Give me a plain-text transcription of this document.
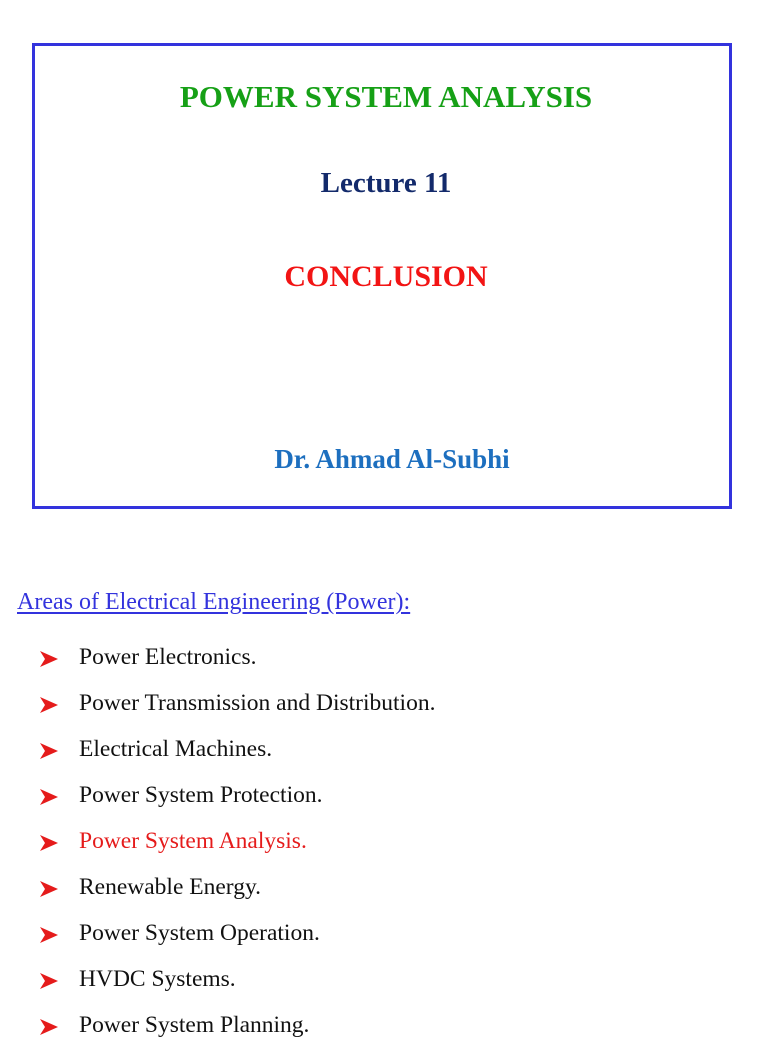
POWER SYSTEM ANALYSIS
Lecture 11
CONCLUSION
Dr. Ahmad Al-Subhi
Areas of Electrical Engineering (Power):
Power Electronics.
Power Transmission and Distribution.
Electrical Machines.
Power System Protection.
Power System Analysis.
Renewable Energy.
Power System Operation.
HVDC Systems.
Power System Planning.
